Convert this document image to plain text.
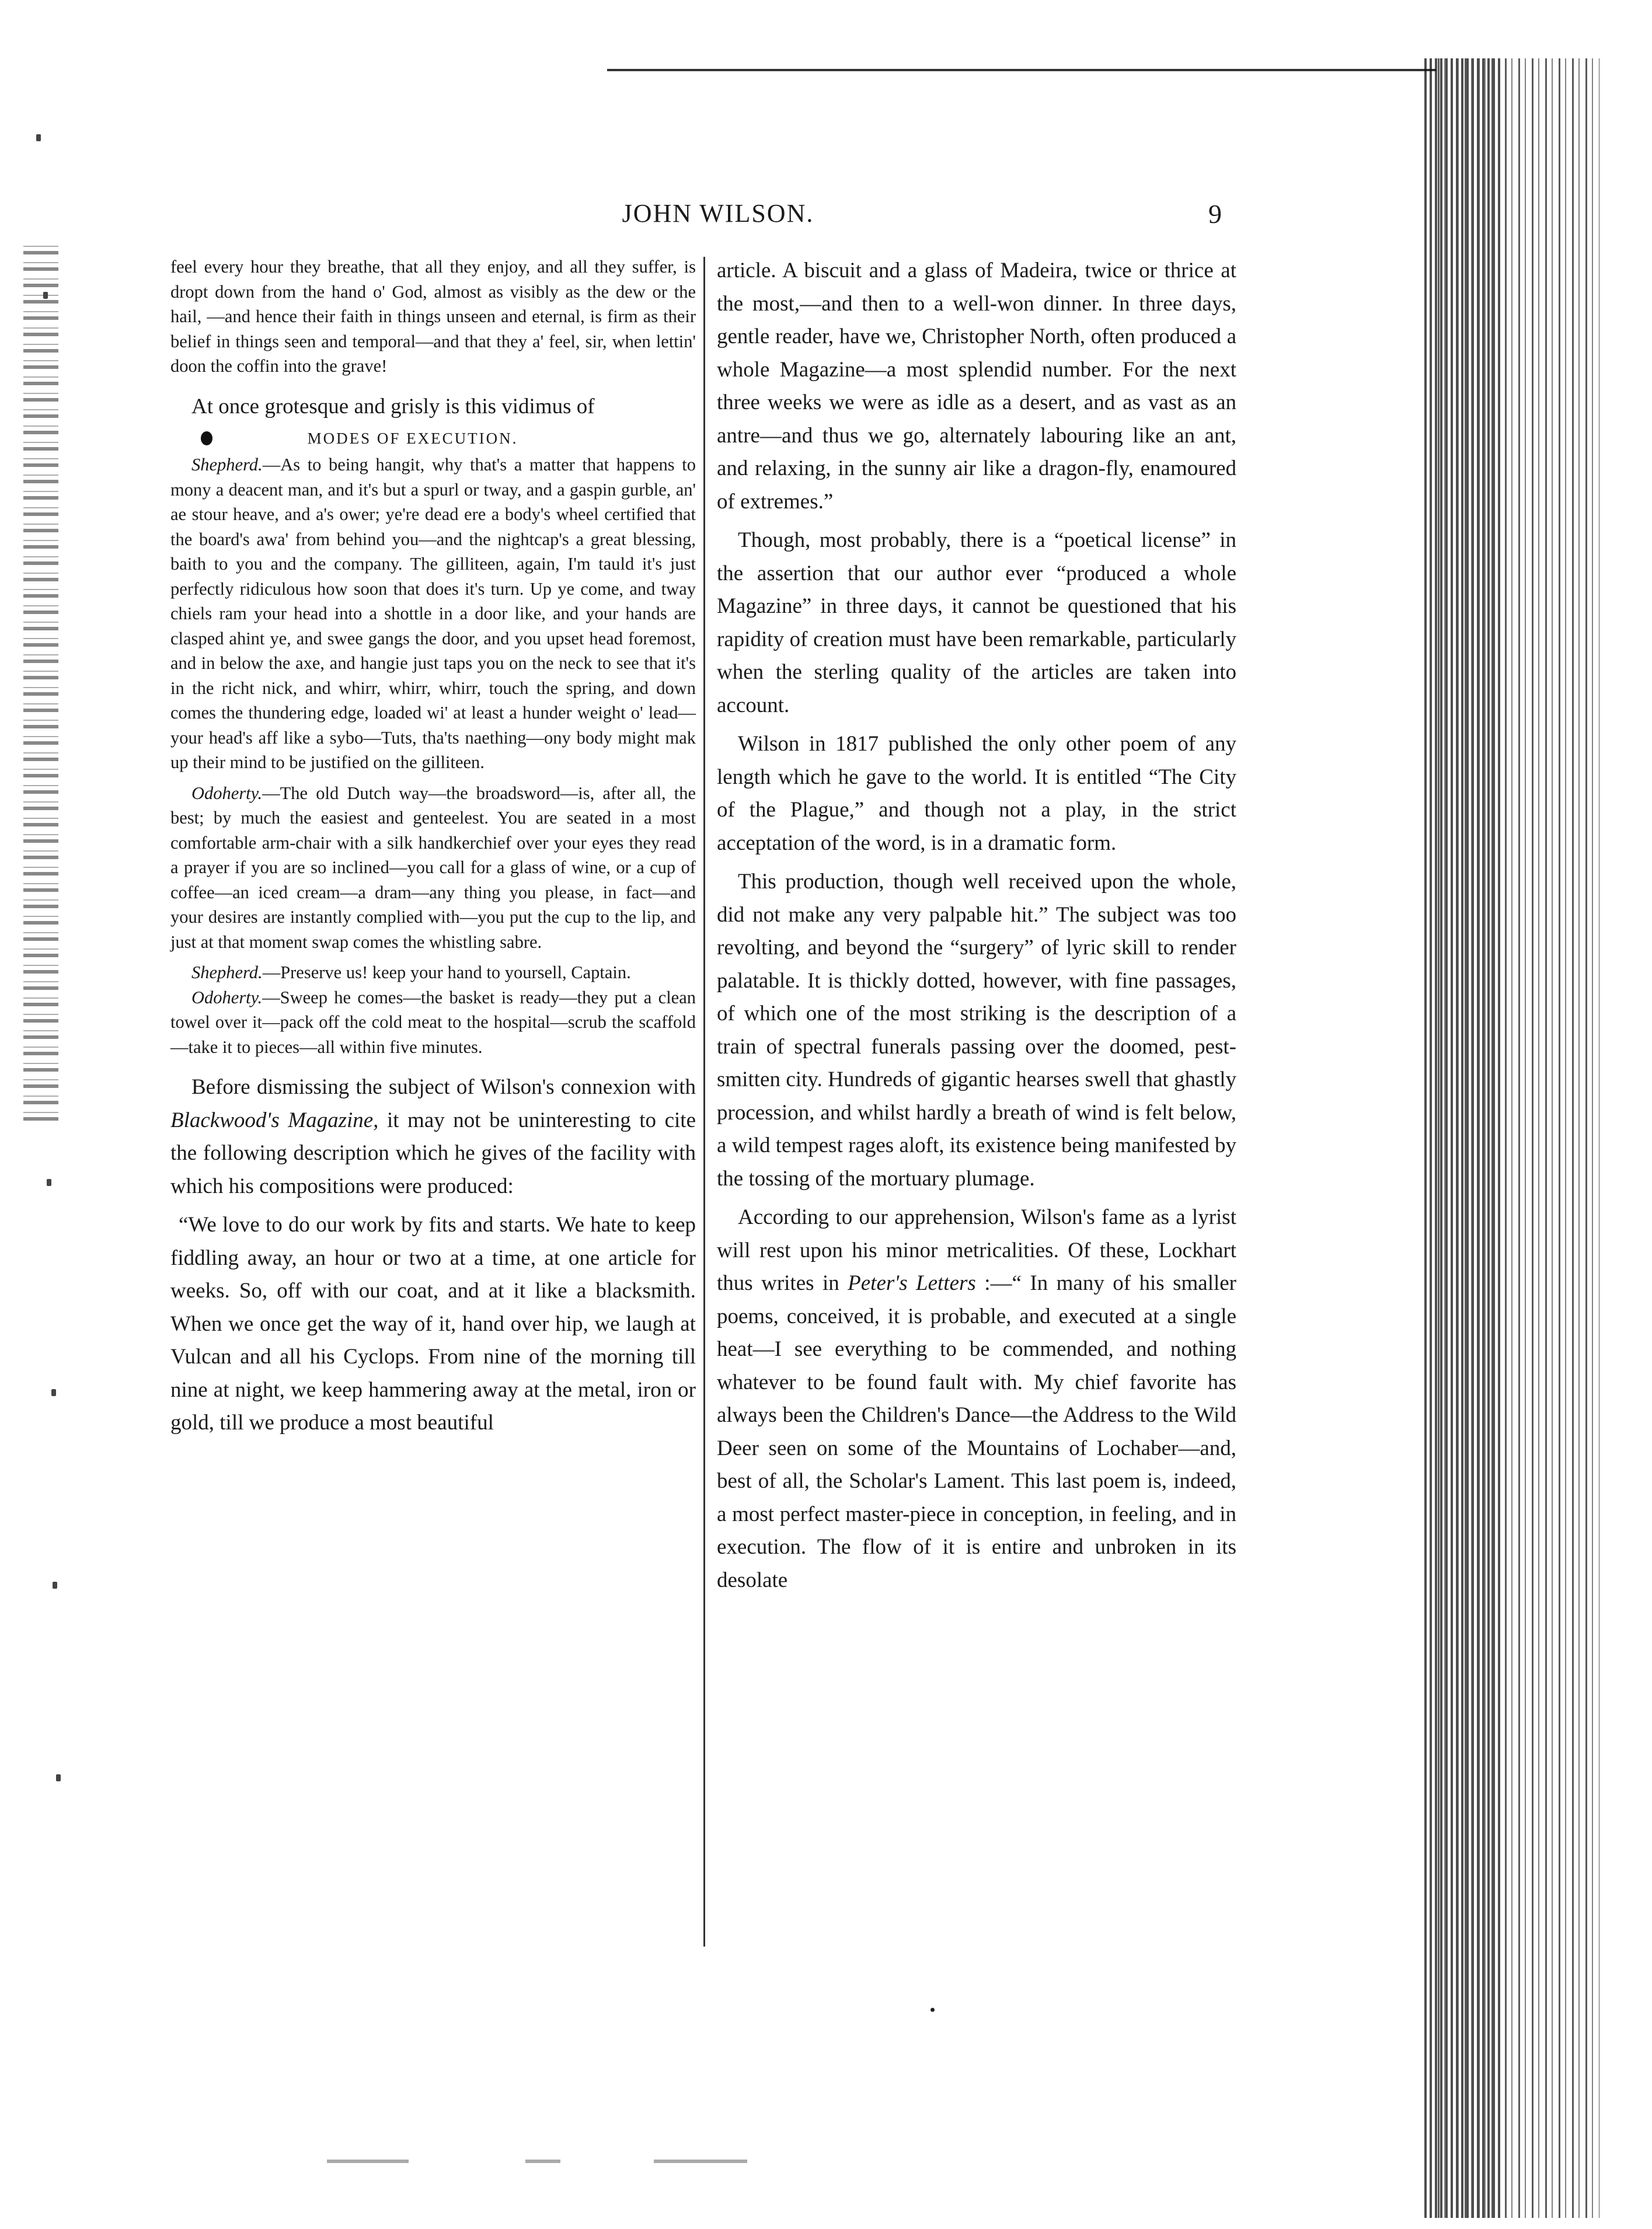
JOHN WILSON.	9

feel every hour they breathe, that all they enjoy, and all they suffer, is dropt down from the hand o' God, almost as visibly as the dew or the hail, —and hence their faith in things unseen and eternal, is firm as their belief in things seen and temporal—and that they a' feel, sir, when lettin' doon the coffin into the grave!

At once grotesque and grisly is this vidimus of

MODES OF EXECUTION.

Shepherd.—As to being hangit, why that's a matter that happens to mony a deacent man, and it's but a spurl or tway, and a gaspin gurble, an' ae stour heave, and a's ower; ye're dead ere a body's wheel certified that the board's awa' from behind you—and the nightcap's a great blessing, baith to you and the company. The gilliteen, again, I'm tauld it's just perfectly ridiculous how soon that does it's turn. Up ye come, and tway chiels ram your head into a shottle in a door like, and your hands are clasped ahint ye, and swee gangs the door, and you upset head foremost, and in below the axe, and hangie just taps you on the neck to see that it's in the richt nick, and whirr, whirr, whirr, touch the spring, and down comes the thundering edge, loaded wi' at least a hunder weight o' lead—your head's aff like a sybo—Tuts, tha'ts naething—ony body might mak up their mind to be justified on the gilliteen.

Odoherty.—The old Dutch way—the broadsword—is, after all, the best; by much the easiest and genteelest. You are seated in a most comfortable arm-chair with a silk handkerchief over your eyes they read a prayer if you are so inclined—you call for a glass of wine, or a cup of coffee—an iced cream—a dram—any thing you please, in fact—and your desires are instantly complied with—you put the cup to the lip, and just at that moment swap comes the whistling sabre.

Shepherd.—Preserve us! keep your hand to yoursell, Captain.

Odoherty.—Sweep he comes—the basket is ready—they put a clean towel over it—pack off the cold meat to the hospital—scrub the scaffold —take it to pieces—all within five minutes.

Before dismissing the subject of Wilson's connexion with Blackwood's Magazine, it may not be uninteresting to cite the following description which he gives of the facility with which his compositions were produced:

“We love to do our work by fits and starts. We hate to keep fiddling away, an hour or two at a time, at one article for weeks. So, off with our coat, and at it like a blacksmith. When we once get the way of it, hand over hip, we laugh at Vulcan and all his Cyclops. From nine of the morning till nine at night, we keep hammering away at the metal, iron or gold, till we produce a most beautiful

article. A biscuit and a glass of Madeira, twice or thrice at the most,—and then to a well-won dinner. In three days, gentle reader, have we, Christopher North, often produced a whole Magazine—a most splendid number. For the next three weeks we were as idle as a desert, and as vast as an antre—and thus we go, alternately labouring like an ant, and relaxing, in the sunny air like a dragon-fly, enamoured of extremes.”

Though, most probably, there is a “poetical license” in the assertion that our author ever “produced a whole Magazine” in three days, it cannot be questioned that his rapidity of creation must have been remarkable, particularly when the sterling quality of the articles are taken into account.

Wilson in 1817 published the only other poem of any length which he gave to the world. It is entitled “The City of the Plague,” and though not a play, in the strict acceptation of the word, is in a dramatic form.

This production, though well received upon the whole, did not make any very palpable hit.” The subject was too revolting, and beyond the “surgery” of lyric skill to render palatable. It is thickly dotted, however, with fine passages, of which one of the most striking is the description of a train of spectral funerals passing over the doomed, pest-smitten city. Hundreds of gigantic hearses swell that ghastly procession, and whilst hardly a breath of wind is felt below, a wild tempest rages aloft, its existence being manifested by the tossing of the mortuary plumage.

According to our apprehension, Wilson's fame as a lyrist will rest upon his minor metricalities. Of these, Lockhart thus writes in Peter's Letters :—“ In many of his smaller poems, conceived, it is probable, and executed at a single heat—I see everything to be commended, and nothing whatever to be found fault with. My chief favorite has always been the Children's Dance—the Address to the Wild Deer seen on some of the Mountains of Lochaber—and, best of all, the Scholar's Lament. This last poem is, indeed, a most perfect master-piece in conception, in feeling, and in execution. The flow of it is entire and unbroken in its desolate
